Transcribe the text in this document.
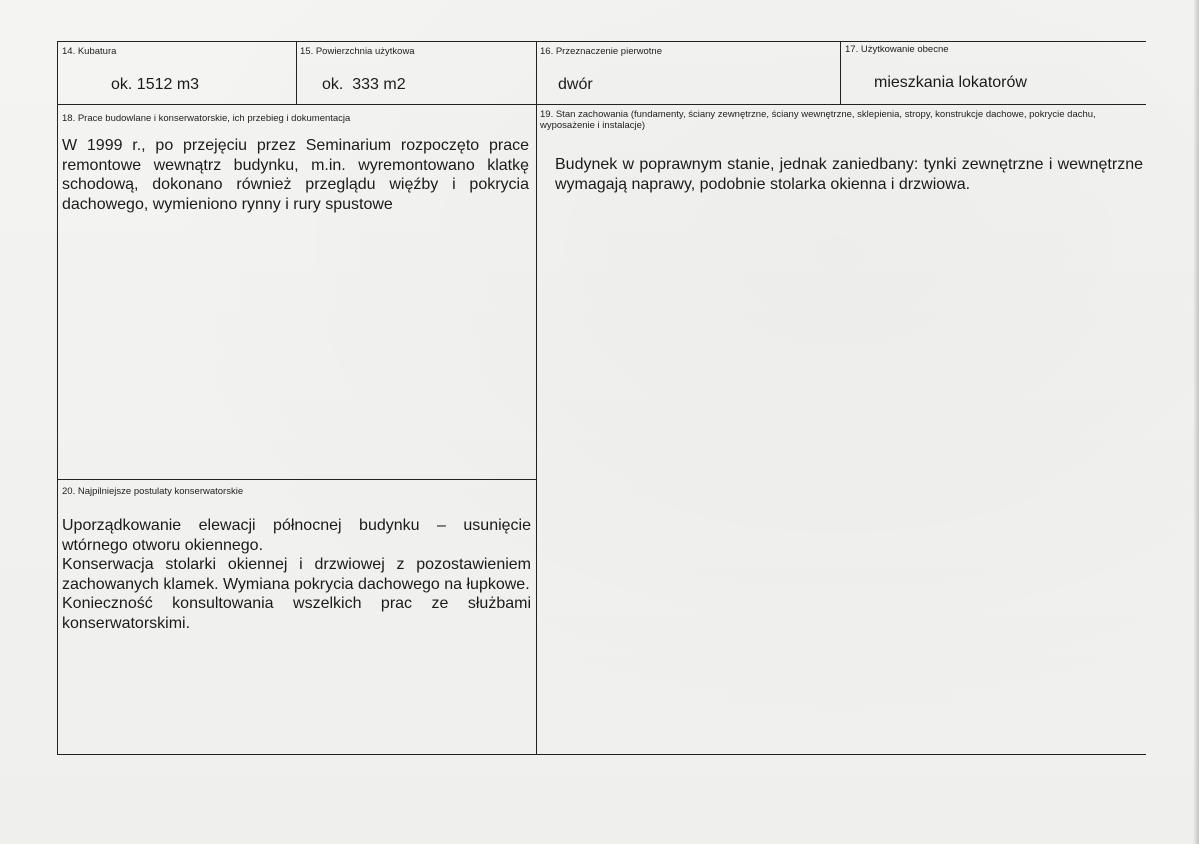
14. Kubatura
ok. 1512 m3
15. Powierzchnia użytkowa
ok.  333 m2
16. Przeznaczenie pierwotne
dwór
17. Użytkowanie obecne
mieszkania lokatorów
18. Prace budowlane i konserwatorskie, ich przebieg i dokumentacja
W 1999 r., po przejęciu przez Seminarium rozpoczęto prace remontowe wewnątrz budynku, m.in. wyremontowano klatkę schodową, dokonano również przeglądu więźby i pokrycia dachowego, wymieniono rynny i rury spustowe
19. Stan zachowania (fundamenty, ściany zewnętrzne, ściany wewnętrzne, sklepienia, stropy, konstrukcje dachowe, pokrycie dachu, wyposażenie i instalacje)
Budynek w poprawnym stanie, jednak zaniedbany: tynki zewnętrzne i wewnętrzne wymagają naprawy, podobnie stolarka okienna i drzwiowa.
20. Najpilniejsze postulaty konserwatorskie

Uporządkowanie elewacji północnej budynku – usunięcie wtórnego otworu okiennego.

Konserwacja stolarki okiennej i drzwiowej z pozostawieniem zachowanych klamek. Wymiana pokrycia dachowego na łupkowe.

Konieczność konsultowania wszelkich prac ze służbami konserwatorskimi.
